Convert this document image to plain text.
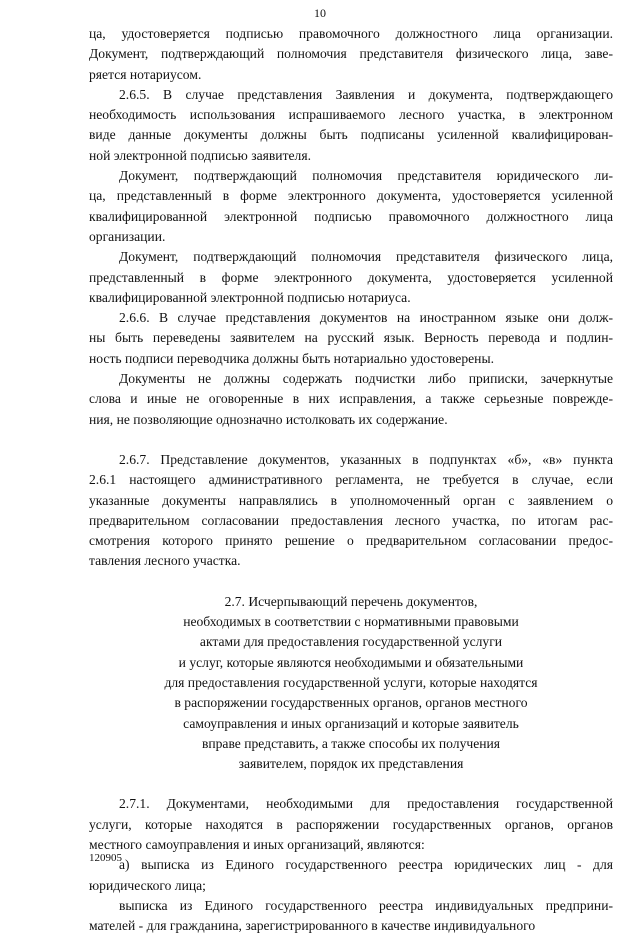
10
ца, удостоверяется подписью правомочного должностного лица организации.
Документ, подтверждающий полномочия представителя физического лица, заве-
ряется нотариусом.
2.6.5. В случае представления Заявления и документа, подтверждающего
необходимость использования испрашиваемого лесного участка, в электронном
виде данные документы должны быть подписаны усиленной квалифицирован-
ной электронной подписью заявителя.
Документ, подтверждающий полномочия представителя юридического ли-
ца, представленный в форме электронного документа, удостоверяется усиленной
квалифицированной электронной подписью правомочного должностного лица
организации.
Документ, подтверждающий полномочия представителя физического лица,
представленный в форме электронного документа, удостоверяется усиленной
квалифицированной электронной подписью нотариуса.
2.6.6. В случае представления документов на иностранном языке они долж-
ны быть переведены заявителем на русский язык. Верность перевода и подлин-
ность подписи переводчика должны быть нотариально удостоверены.
Документы не должны содержать подчистки либо приписки, зачеркнутые
слова и иные не оговоренные в них исправления, а также серьезные поврежде-
ния, не позволяющие однозначно истолковать их содержание.
2.6.7. Представление документов, указанных в подпунктах «б», «в» пункта
2.6.1 настоящего административного регламента, не требуется в случае, если
указанные документы направлялись в уполномоченный орган с заявлением о
предварительном согласовании предоставления лесного участка, по итогам рас-
смотрения которого принято решение о предварительном согласовании предос-
тавления лесного участка.
2.7. Исчерпывающий перечень документов,
необходимых в соответствии с нормативными правовыми
актами для предоставления государственной услуги
и услуг, которые являются необходимыми и обязательными
для предоставления государственной услуги, которые находятся
в распоряжении государственных органов, органов местного
самоуправления и иных организаций и которые заявитель
вправе представить, а также способы их получения
заявителем, порядок их представления
2.7.1. Документами, необходимыми для предоставления государственной
услуги, которые находятся в распоряжении государственных органов, органов
местного самоуправления и иных организаций, являются:
а) выписка из Единого государственного реестра юридических лиц - для
юридического лица;
выписка из Единого государственного реестра индивидуальных предприни-
мателей - для гражданина, зарегистрированного в качестве индивидуального
120905
